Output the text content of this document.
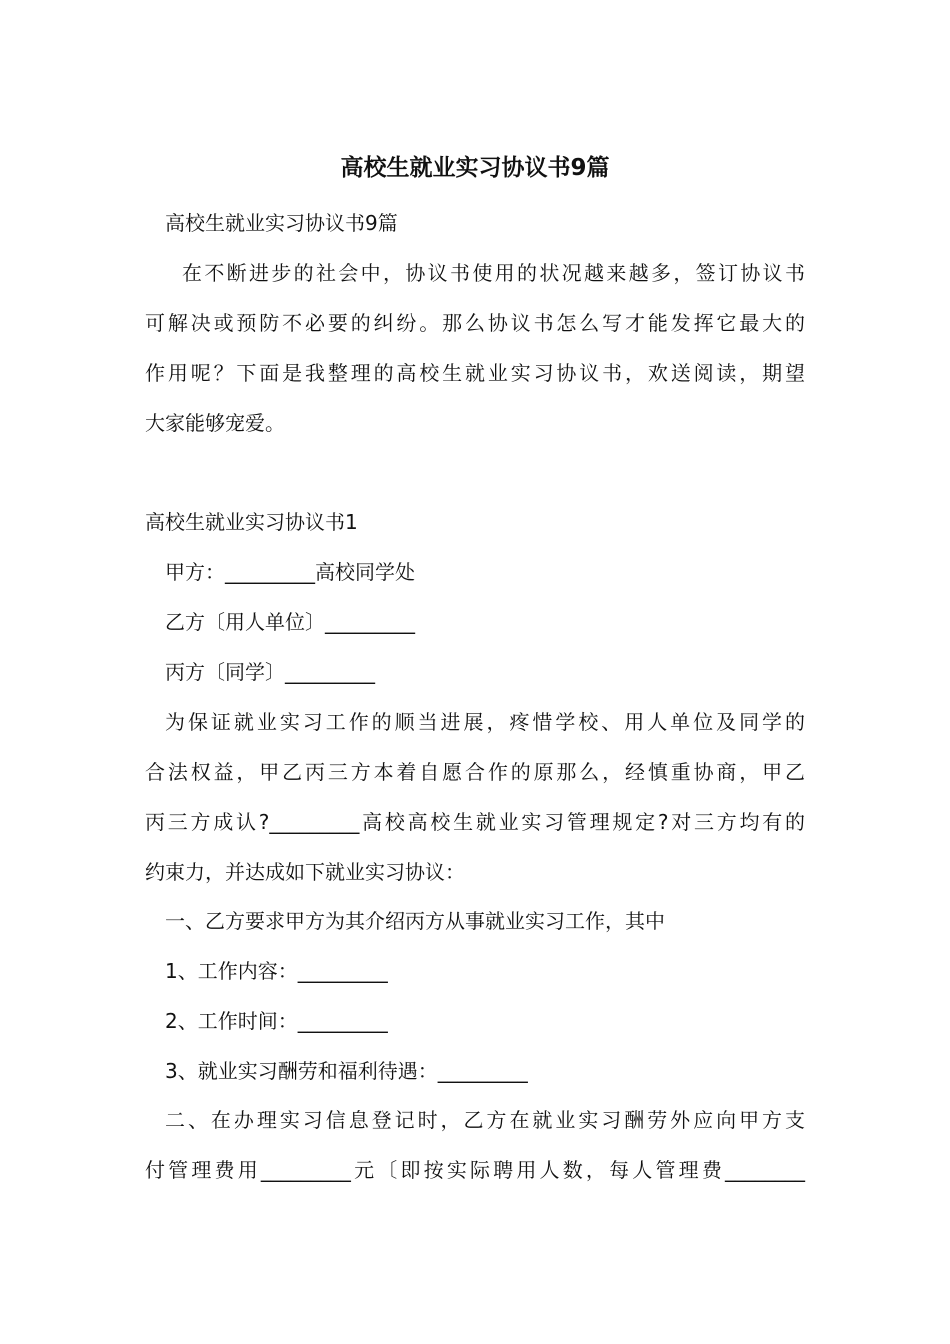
高校生就业实习协议书9篇

高校生就业实习协议书9篇

在不断进步的社会中，协议书使用的状况越来越多，签订协议书

可解决或预防不必要的纠纷。那么协议书怎么写才能发挥它最大的

作用呢？下面是我整理的高校生就业实习协议书，欢送阅读，期望

大家能够宠爱。

高校生就业实习协议书1

甲方：_________高校同学处

乙方〔用人单位〕_________

丙方〔同学〕_________

为保证就业实习工作的顺当进展，疼惜学校、用人单位及同学的

合法权益，甲乙丙三方本着自愿合作的原那么，经慎重协商，甲乙

丙三方成认?_________高校高校生就业实习管理规定?对三方均有的

约束力，并达成如下就业实习协议：

一、乙方要求甲方为其介绍丙方从事就业实习工作，其中

1、工作内容：_________

2、工作时间：_________

3、就业实习酬劳和福利待遇：_________

二、在办理实习信息登记时，乙方在就业实习酬劳外应向甲方支

付管理费用_________元〔即按实际聘用人数，每人管理费________
